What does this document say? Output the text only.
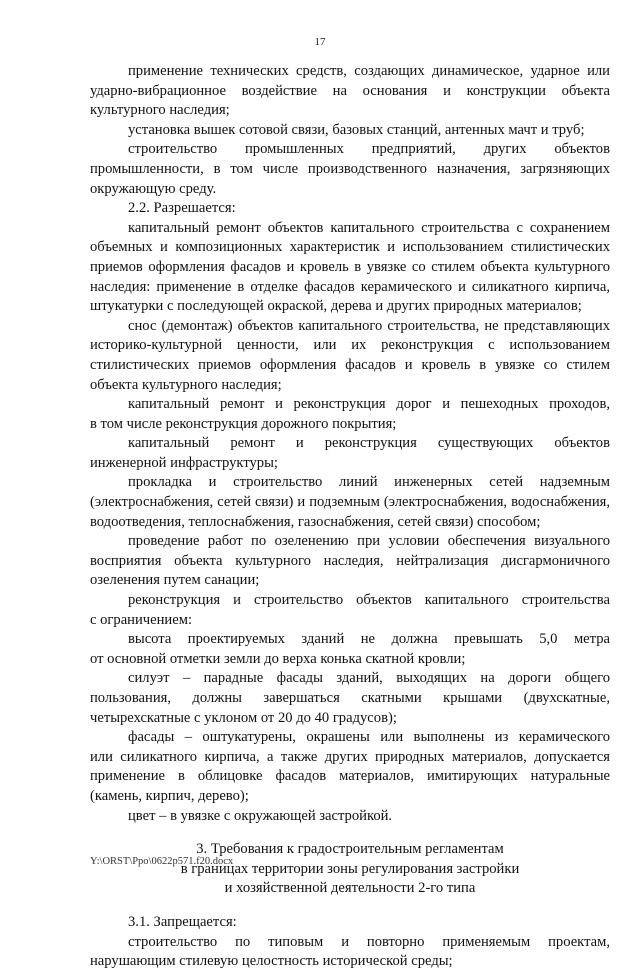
17
применение технических средств, создающих динамическое, ударное или
ударно-вибрационное воздействие на основания и конструкции объекта
культурного наследия;
установка вышек сотовой связи, базовых станций, антенных мачт и труб;
строительство промышленных предприятий, других объектов
промышленности, в том числе производственного назначения, загрязняющих
окружающую среду.
2.2. Разрешается:
капитальный ремонт объектов капитального строительства с сохранением
объемных и композиционных характеристик и использованием стилистических
приемов оформления фасадов и кровель в увязке со стилем объекта культурного
наследия: применение в отделке фасадов керамического и силикатного кирпича,
штукатурки с последующей окраской, дерева и других природных материалов;
снос (демонтаж) объектов капитального строительства, не представляющих
историко-культурной ценности, или их реконструкция с использованием
стилистических приемов оформления фасадов и кровель в увязке со стилем
объекта культурного наследия;
капитальный ремонт и реконструкция дорог и пешеходных проходов,
в том числе реконструкция дорожного покрытия;
капитальный ремонт и реконструкция существующих объектов
инженерной инфраструктуры;
прокладка и строительство линий инженерных сетей надземным
(электроснабжения, сетей связи) и подземным (электроснабжения, водоснабжения,
водоотведения, теплоснабжения, газоснабжения, сетей связи) способом;
проведение работ по озеленению при условии обеспечения визуального
восприятия объекта культурного наследия, нейтрализация дисгармоничного
озеленения путем санации;
реконструкция и строительство объектов капитального строительства
с ограничением:
высота проектируемых зданий не должна превышать 5,0 метра
от основной отметки земли до верха конька скатной кровли;
силуэт – парадные фасады зданий, выходящих на дороги общего
пользования, должны завершаться скатными крышами (двухскатные,
четырехскатные с уклоном от 20 до 40 градусов);
фасады – оштукатурены, окрашены или выполнены из керамического
или силикатного кирпича, а также других природных материалов, допускается
применение в облицовке фасадов материалов, имитирующих натуральные
(камень, кирпич, дерево);
цвет – в увязке с окружающей застройкой.
3. Требования к градостроительным регламентам
в границах территории зоны регулирования застройки
и хозяйственной деятельности 2-го типа
3.1. Запрещается:
строительство по типовым и повторно применяемым проектам,
нарушающим стилевую целостность исторической среды;
Y:\ORST\Ppo\0622p571.f20.docx
